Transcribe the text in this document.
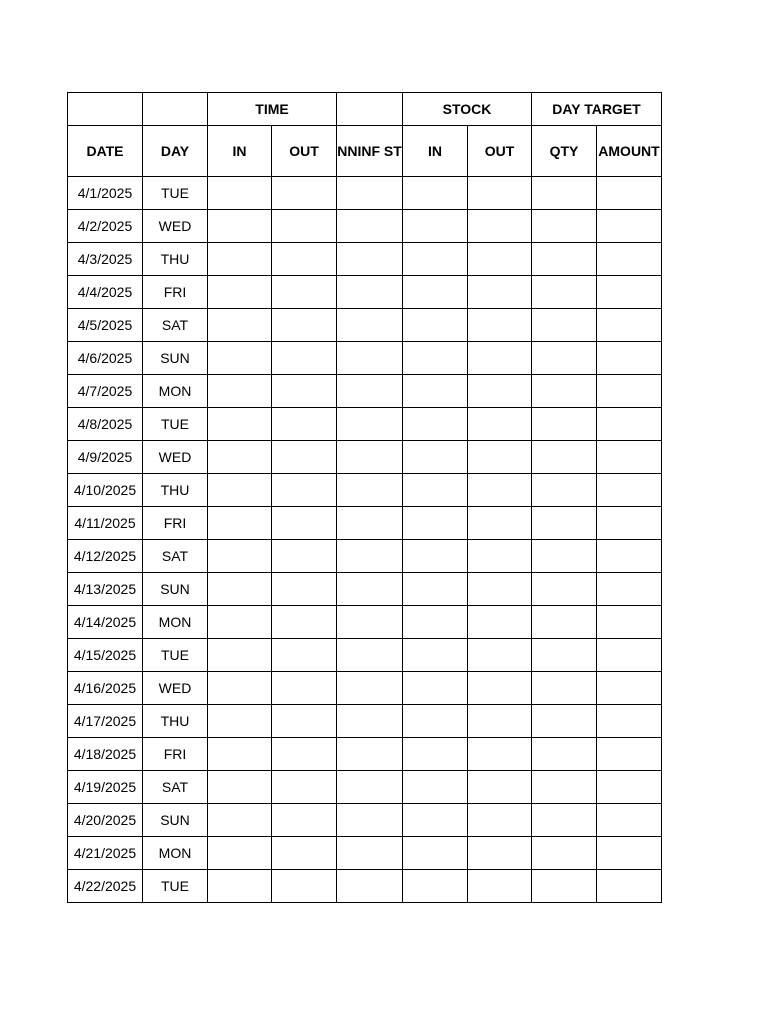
		TIME			STOCK		DAY TARGET	
DATE	DAY	IN	OUT	NNINF ST	IN	OUT	QTY	AMOUNT
4/1/2025	TUE							
4/2/2025	WED							
4/3/2025	THU							
4/4/2025	FRI							
4/5/2025	SAT							
4/6/2025	SUN							
4/7/2025	MON							
4/8/2025	TUE							
4/9/2025	WED							
4/10/2025	THU							
4/11/2025	FRI							
4/12/2025	SAT							
4/13/2025	SUN							
4/14/2025	MON							
4/15/2025	TUE							
4/16/2025	WED							
4/17/2025	THU							
4/18/2025	FRI							
4/19/2025	SAT							
4/20/2025	SUN							
4/21/2025	MON							
4/22/2025	TUE							
